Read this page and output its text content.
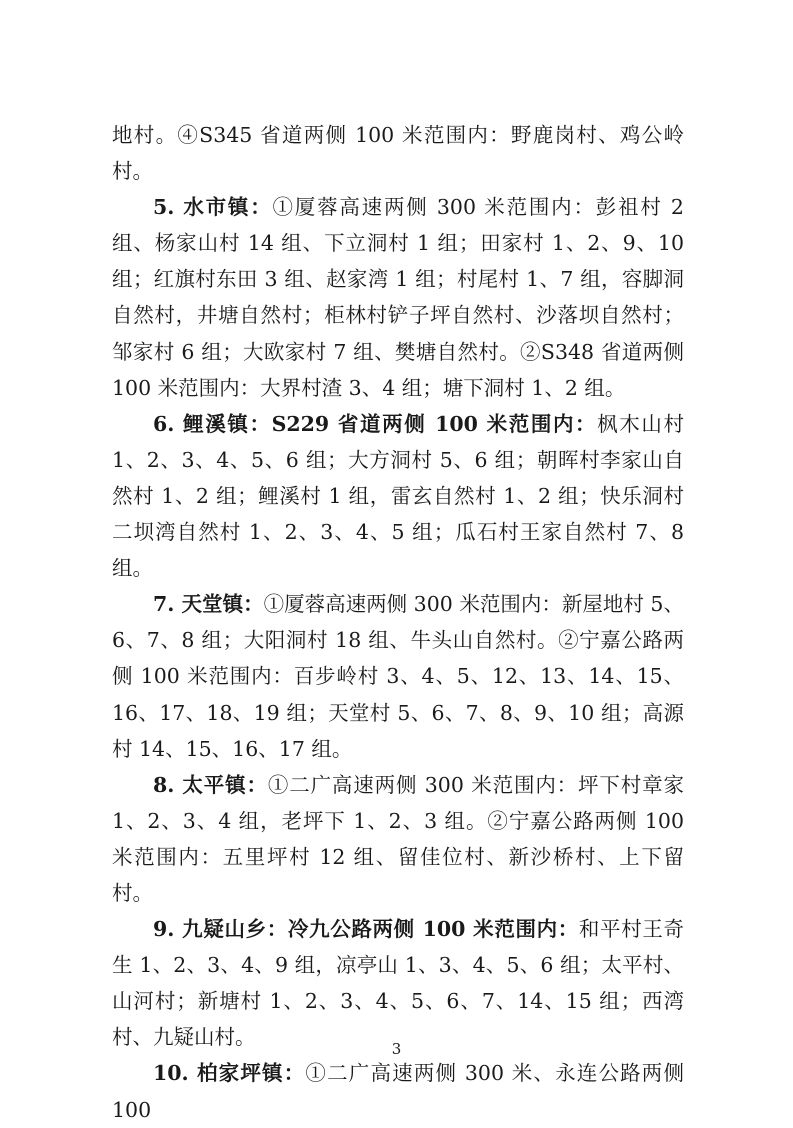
地村。④S345 省道两侧 100 米范围内：野鹿岗村、鸡公岭村。

5. 水市镇：①厦蓉高速两侧 300 米范围内：彭祖村 2 组、杨家山村 14 组、下立洞村 1 组；田家村 1、2、9、10 组；红旗村东田 3 组、赵家湾 1 组；村尾村 1、7 组，容脚洞自然村，井塘自然村；柜林村铲子坪自然村、沙落坝自然村；邹家村 6 组；大欧家村 7 组、樊塘自然村。②S348 省道两侧 100 米范围内：大界村渣 3、4 组；塘下洞村 1、2 组。

6. 鲤溪镇：S229 省道两侧 100 米范围内：枫木山村 1、2、3、4、5、6 组；大方洞村 5、6 组；朝晖村李家山自然村 1、2 组；鲤溪村 1 组，雷玄自然村 1、2 组；快乐洞村二坝湾自然村 1、2、3、4、5 组；瓜石村王家自然村 7、8 组。

7. 天堂镇：①厦蓉高速两侧 300 米范围内：新屋地村 5、6、7、8 组；大阳洞村 18 组、牛头山自然村。②宁嘉公路两侧 100 米范围内：百步岭村 3、4、5、12、13、14、15、16、17、18、19 组；天堂村 5、6、7、8、9、10 组；高源村 14、15、16、17 组。

8. 太平镇：①二广高速两侧 300 米范围内：坪下村章家 1、2、3、4 组，老坪下 1、2、3 组。②宁嘉公路两侧 100 米范围内：五里坪村 12 组、留佳位村、新沙桥村、上下留村。

9. 九疑山乡：冷九公路两侧 100 米范围内：和平村王奇生 1、2、3、4、9 组，凉亭山 1、3、4、5、6 组；太平村、山河村；新塘村 1、2、3、4、5、6、7、14、15 组；西湾村、九疑山村。

10. 柏家坪镇：①二广高速两侧 300 米、永连公路两侧 100

3
